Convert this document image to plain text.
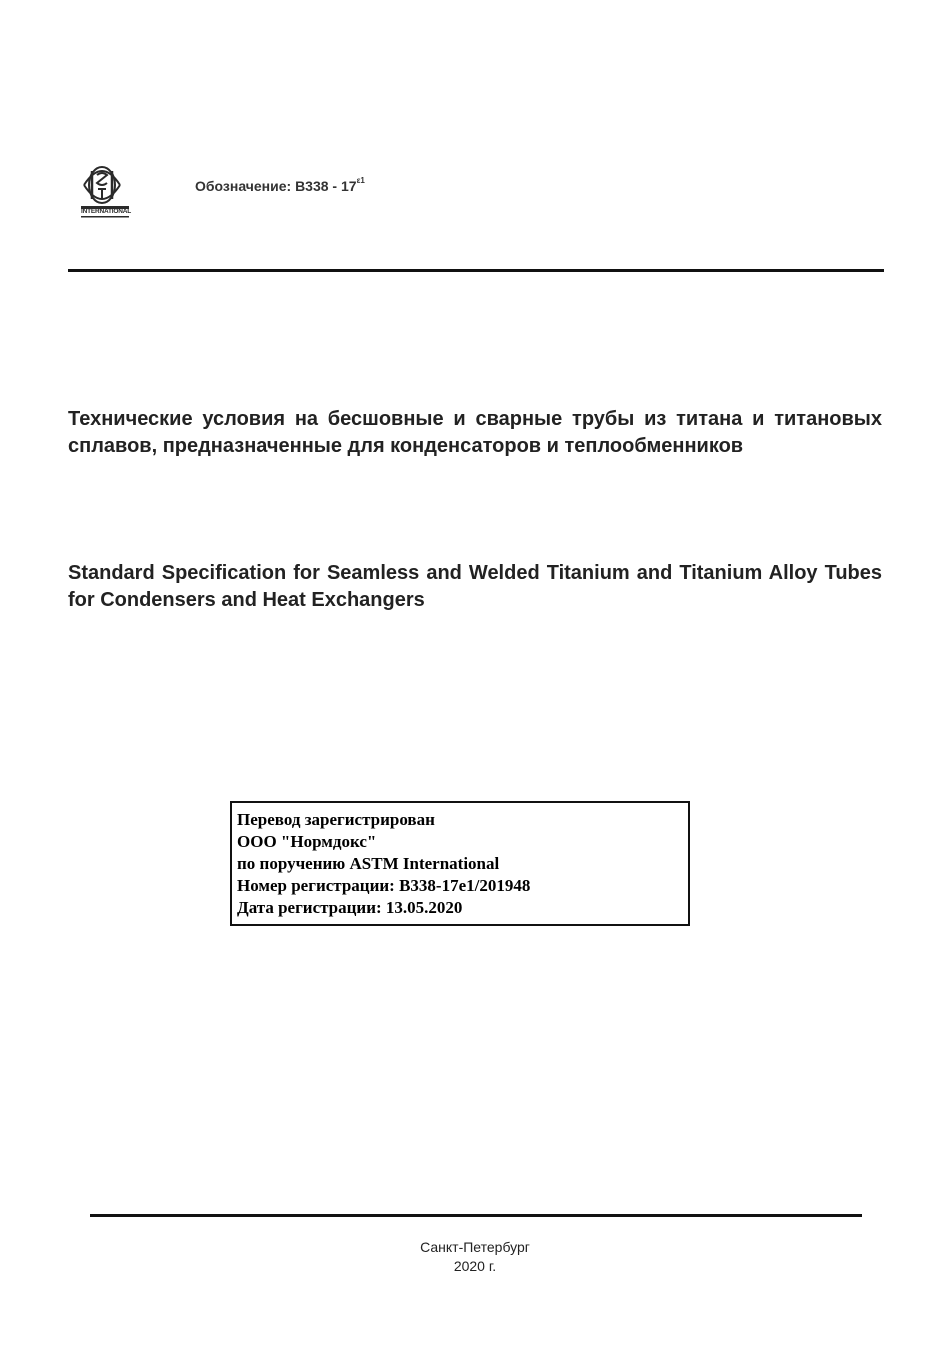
INTERNATIONAL
Обозначение: $B338 - 17^{\varepsilon 1}$
Технические условия на бесшовные и сварные трубы из титана и титановых сплавов, предназначенные для конденсаторов и теплообменников
Standard Specification for Seamless and Welded Titanium and Titanium Alloy Tubes for Condensers and Heat Exchangers
Перевод зарегистрирован
ООО "Нормдокс"
по поручению ASTM International
Номер регистрации: B338-17e1/201948
Дата регистрации: 13.05.2020
Санкт-Петербург
2020 г.
